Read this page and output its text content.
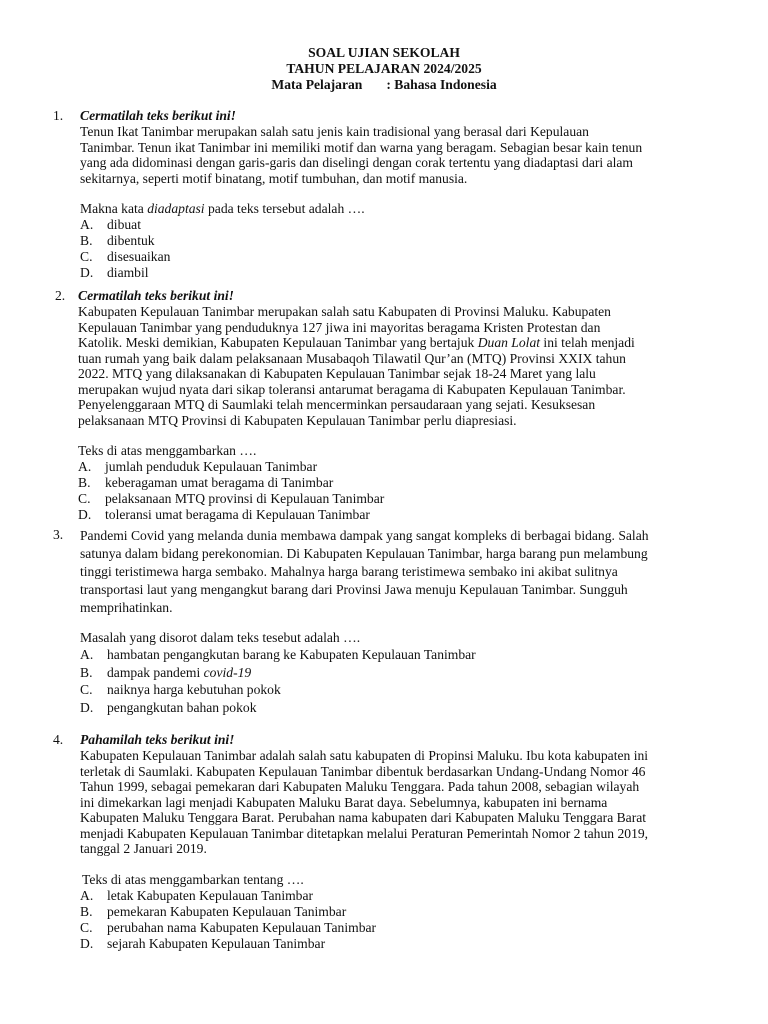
SOAL UJIAN SEKOLAH
TAHUN PELAJARAN 2024/2025
Mata Pelajaran : Bahasa Indonesia
1. Cermatilah teks berikut ini!
Tenun Ikat Tanimbar merupakan salah satu jenis kain tradisional yang berasal dari Kepulauan
Tanimbar. Tenun ikat Tanimbar ini memiliki motif dan warna yang beragam. Sebagian besar kain tenun
yang ada didominasi dengan garis-garis dan diselingi dengan corak tertentu yang diadaptasi dari alam
sekitarnya, seperti motif binatang, motif tumbuhan, dan motif manusia.
Makna kata diadaptasi pada teks tersebut adalah ….
A. dibuat
B. dibentuk
C. disesuaikan
D. diambil
2. Cermatilah teks berikut ini!
Kabupaten Kepulauan Tanimbar merupakan salah satu Kabupaten di Provinsi Maluku. Kabupaten
Kepulauan Tanimbar yang penduduknya 127 jiwa ini mayoritas beragama Kristen Protestan dan
Katolik. Meski demikian, Kabupaten Kepulauan Tanimbar yang bertajuk Duan Lolat ini telah menjadi
tuan rumah yang baik dalam pelaksanaan Musabaqoh Tilawatil Qur’an (MTQ) Provinsi XXIX tahun
2022. MTQ yang dilaksanakan di Kabupaten Kepulauan Tanimbar sejak 18-24 Maret yang lalu
merupakan wujud nyata dari sikap toleransi antarumat beragama di Kabupaten Kepulauan Tanimbar.
Penyelenggaraan MTQ di Saumlaki telah mencerminkan persaudaraan yang sejati. Kesuksesan
pelaksanaan MTQ Provinsi di Kabupaten Kepulauan Tanimbar perlu diapresiasi.
Teks di atas menggambarkan ….
A. jumlah penduduk Kepulauan Tanimbar
B. keberagaman umat beragama di Tanimbar
C. pelaksanaan MTQ provinsi di Kepulauan Tanimbar
D. toleransi umat beragama di Kepulauan Tanimbar
3. Pandemi Covid yang melanda dunia membawa dampak yang sangat kompleks di berbagai bidang. Salah
satunya dalam bidang perekonomian. Di Kabupaten Kepulauan Tanimbar, harga barang pun melambung
tinggi teristimewa harga sembako. Mahalnya harga barang teristimewa sembako ini akibat sulitnya
transportasi laut yang mengangkut barang dari Provinsi Jawa menuju Kepulauan Tanimbar. Sungguh
memprihatinkan.
Masalah yang disorot dalam teks tesebut adalah ….
A. hambatan pengangkutan barang ke Kabupaten Kepulauan Tanimbar
B. dampak pandemi covid-19
C. naiknya harga kebutuhan pokok
D. pengangkutan bahan pokok
4. Pahamilah teks berikut ini!
Kabupaten Kepulauan Tanimbar adalah salah satu kabupaten di Propinsi Maluku. Ibu kota kabupaten ini
terletak di Saumlaki. Kabupaten Kepulauan Tanimbar dibentuk berdasarkan Undang-Undang Nomor 46
Tahun 1999, sebagai pemekaran dari Kabupaten Maluku Tenggara. Pada tahun 2008, sebagian wilayah
ini dimekarkan lagi menjadi Kabupaten Maluku Barat daya. Sebelumnya, kabupaten ini bernama
Kabupaten Maluku Tenggara Barat. Perubahan nama kabupaten dari Kabupaten Maluku Tenggara Barat
menjadi Kabupaten Kepulauan Tanimbar ditetapkan melalui Peraturan Pemerintah Nomor 2 tahun 2019,
tanggal 2 Januari 2019.
Teks di atas menggambarkan tentang ….
A. letak Kabupaten Kepulauan Tanimbar
B. pemekaran Kabupaten Kepulauan Tanimbar
C. perubahan nama Kabupaten Kepulauan Tanimbar
D. sejarah Kabupaten Kepulauan Tanimbar
